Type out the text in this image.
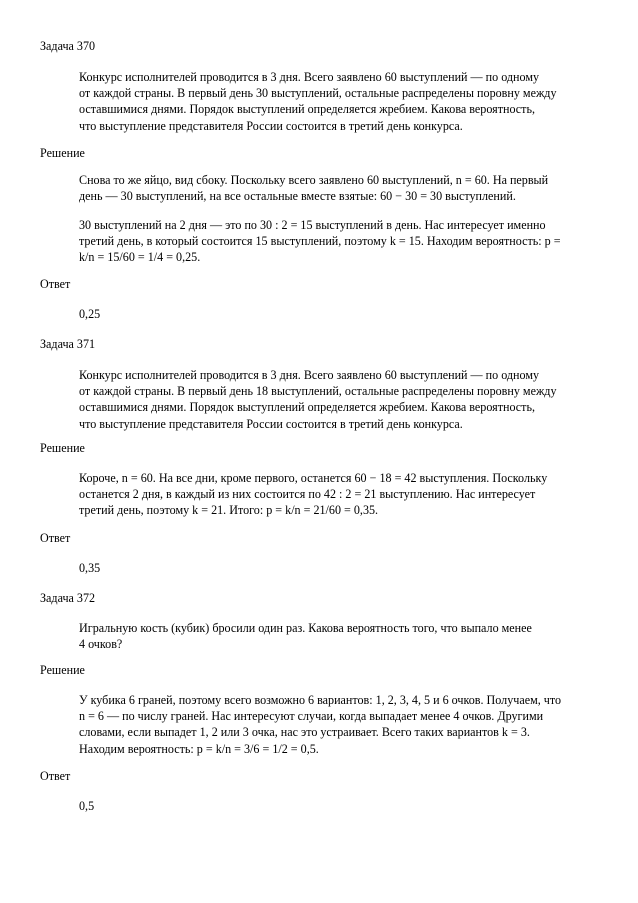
Задача 370
Конкурс исполнителей проводится в 3 дня. Всего заявлено 60 выступлений — по одному
от каждой страны. В первый день 30 выступлений, остальные распределены поровну между
оставшимися днями. Порядок выступлений определяется жребием. Какова вероятность,
что выступление представителя России состоится в третий день конкурса.
Решение
Снова то же яйцо, вид сбоку. Поскольку всего заявлено 60 выступлений, n = 60. На первый
день — 30 выступлений, на все остальные вместе взятые: 60 − 30 = 30 выступлений.
30 выступлений на 2 дня — это по 30 : 2 = 15 выступлений в день. Нас интересует именно
третий день, в который состоится 15 выступлений, поэтому k = 15. Находим вероятность: p =
k/n = 15/60 = 1/4 = 0,25.
Ответ
0,25
Задача 371
Конкурс исполнителей проводится в 3 дня. Всего заявлено 60 выступлений — по одному
от каждой страны. В первый день 18 выступлений, остальные распределены поровну между
оставшимися днями. Порядок выступлений определяется жребием. Какова вероятность,
что выступление представителя России состоится в третий день конкурса.
Решение
Короче, n = 60. На все дни, кроме первого, останется 60 − 18 = 42 выступления. Поскольку
останется 2 дня, в каждый из них состоится по 42 : 2 = 21 выступлению. Нас интересует
третий день, поэтому k = 21. Итого: p = k/n = 21/60 = 0,35.
Ответ
0,35
Задача 372
Игральную кость (кубик) бросили один раз. Какова вероятность того, что выпало менее
4 очков?
Решение
У кубика 6 граней, поэтому всего возможно 6 вариантов: 1, 2, 3, 4, 5 и 6 очков. Получаем, что
n = 6 — по числу граней. Нас интересуют случаи, когда выпадает менее 4 очков. Другими
словами, если выпадет 1, 2 или 3 очка, нас это устраивает. Всего таких вариантов k = 3.
Находим вероятность: p = k/n = 3/6 = 1/2 = 0,5.
Ответ
0,5
